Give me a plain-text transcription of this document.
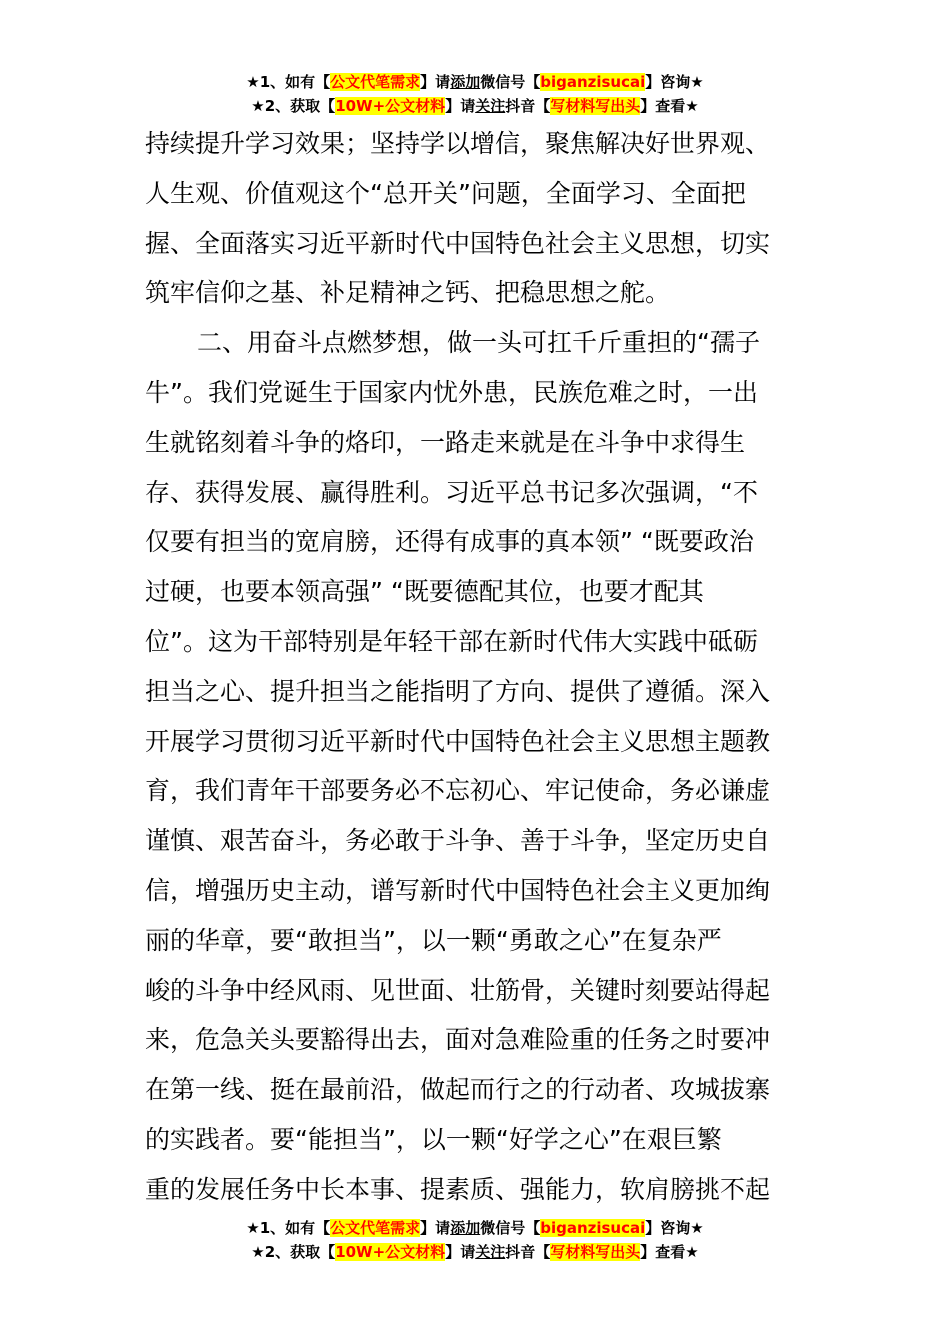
★1、如有【公文代笔需求】请添加微信号【biganzisucai】咨询★
★2、获取【10W+公文材料】请关注抖音【写材料写出头】查看★
持续提升学习效果；坚持学以增信，聚焦解决好世界观、
人生观、价值观这个“总开关”问题，全面学习、全面把
握、全面落实习近平新时代中国特色社会主义思想，切实
筑牢信仰之基、补足精神之钙、把稳思想之舵。
二、用奋斗点燃梦想，做一头可扛千斤重担的“孺子
牛”。我们党诞生于国家内忧外患，民族危难之时，一出
生就铭刻着斗争的烙印，一路走来就是在斗争中求得生
存、获得发展、赢得胜利。习近平总书记多次强调，“不
仅要有担当的宽肩膀，还得有成事的真本领” “既要政治
过硬，也要本领高强” “既要德配其位，也要才配其
位”。这为干部特别是年轻干部在新时代伟大实践中砥砺
担当之心、提升担当之能指明了方向、提供了遵循。深入
开展学习贯彻习近平新时代中国特色社会主义思想主题教
育，我们青年干部要务必不忘初心、牢记使命，务必谦虚
谨慎、艰苦奋斗，务必敢于斗争、善于斗争，坚定历史自
信，增强历史主动，谱写新时代中国特色社会主义更加绚
丽的华章，要“敢担当”，以一颗“勇敢之心”在复杂严
峻的斗争中经风雨、见世面、壮筋骨，关键时刻要站得起
来，危急关头要豁得出去，面对急难险重的任务之时要冲
在第一线、挺在最前沿，做起而行之的行动者、攻城拔寨
的实践者。要“能担当”，以一颗“好学之心”在艰巨繁
重的发展任务中长本事、提素质、强能力，软肩膀挑不起
★1、如有【公文代笔需求】请添加微信号【biganzisucai】咨询★
★2、获取【10W+公文材料】请关注抖音【写材料写出头】查看★
